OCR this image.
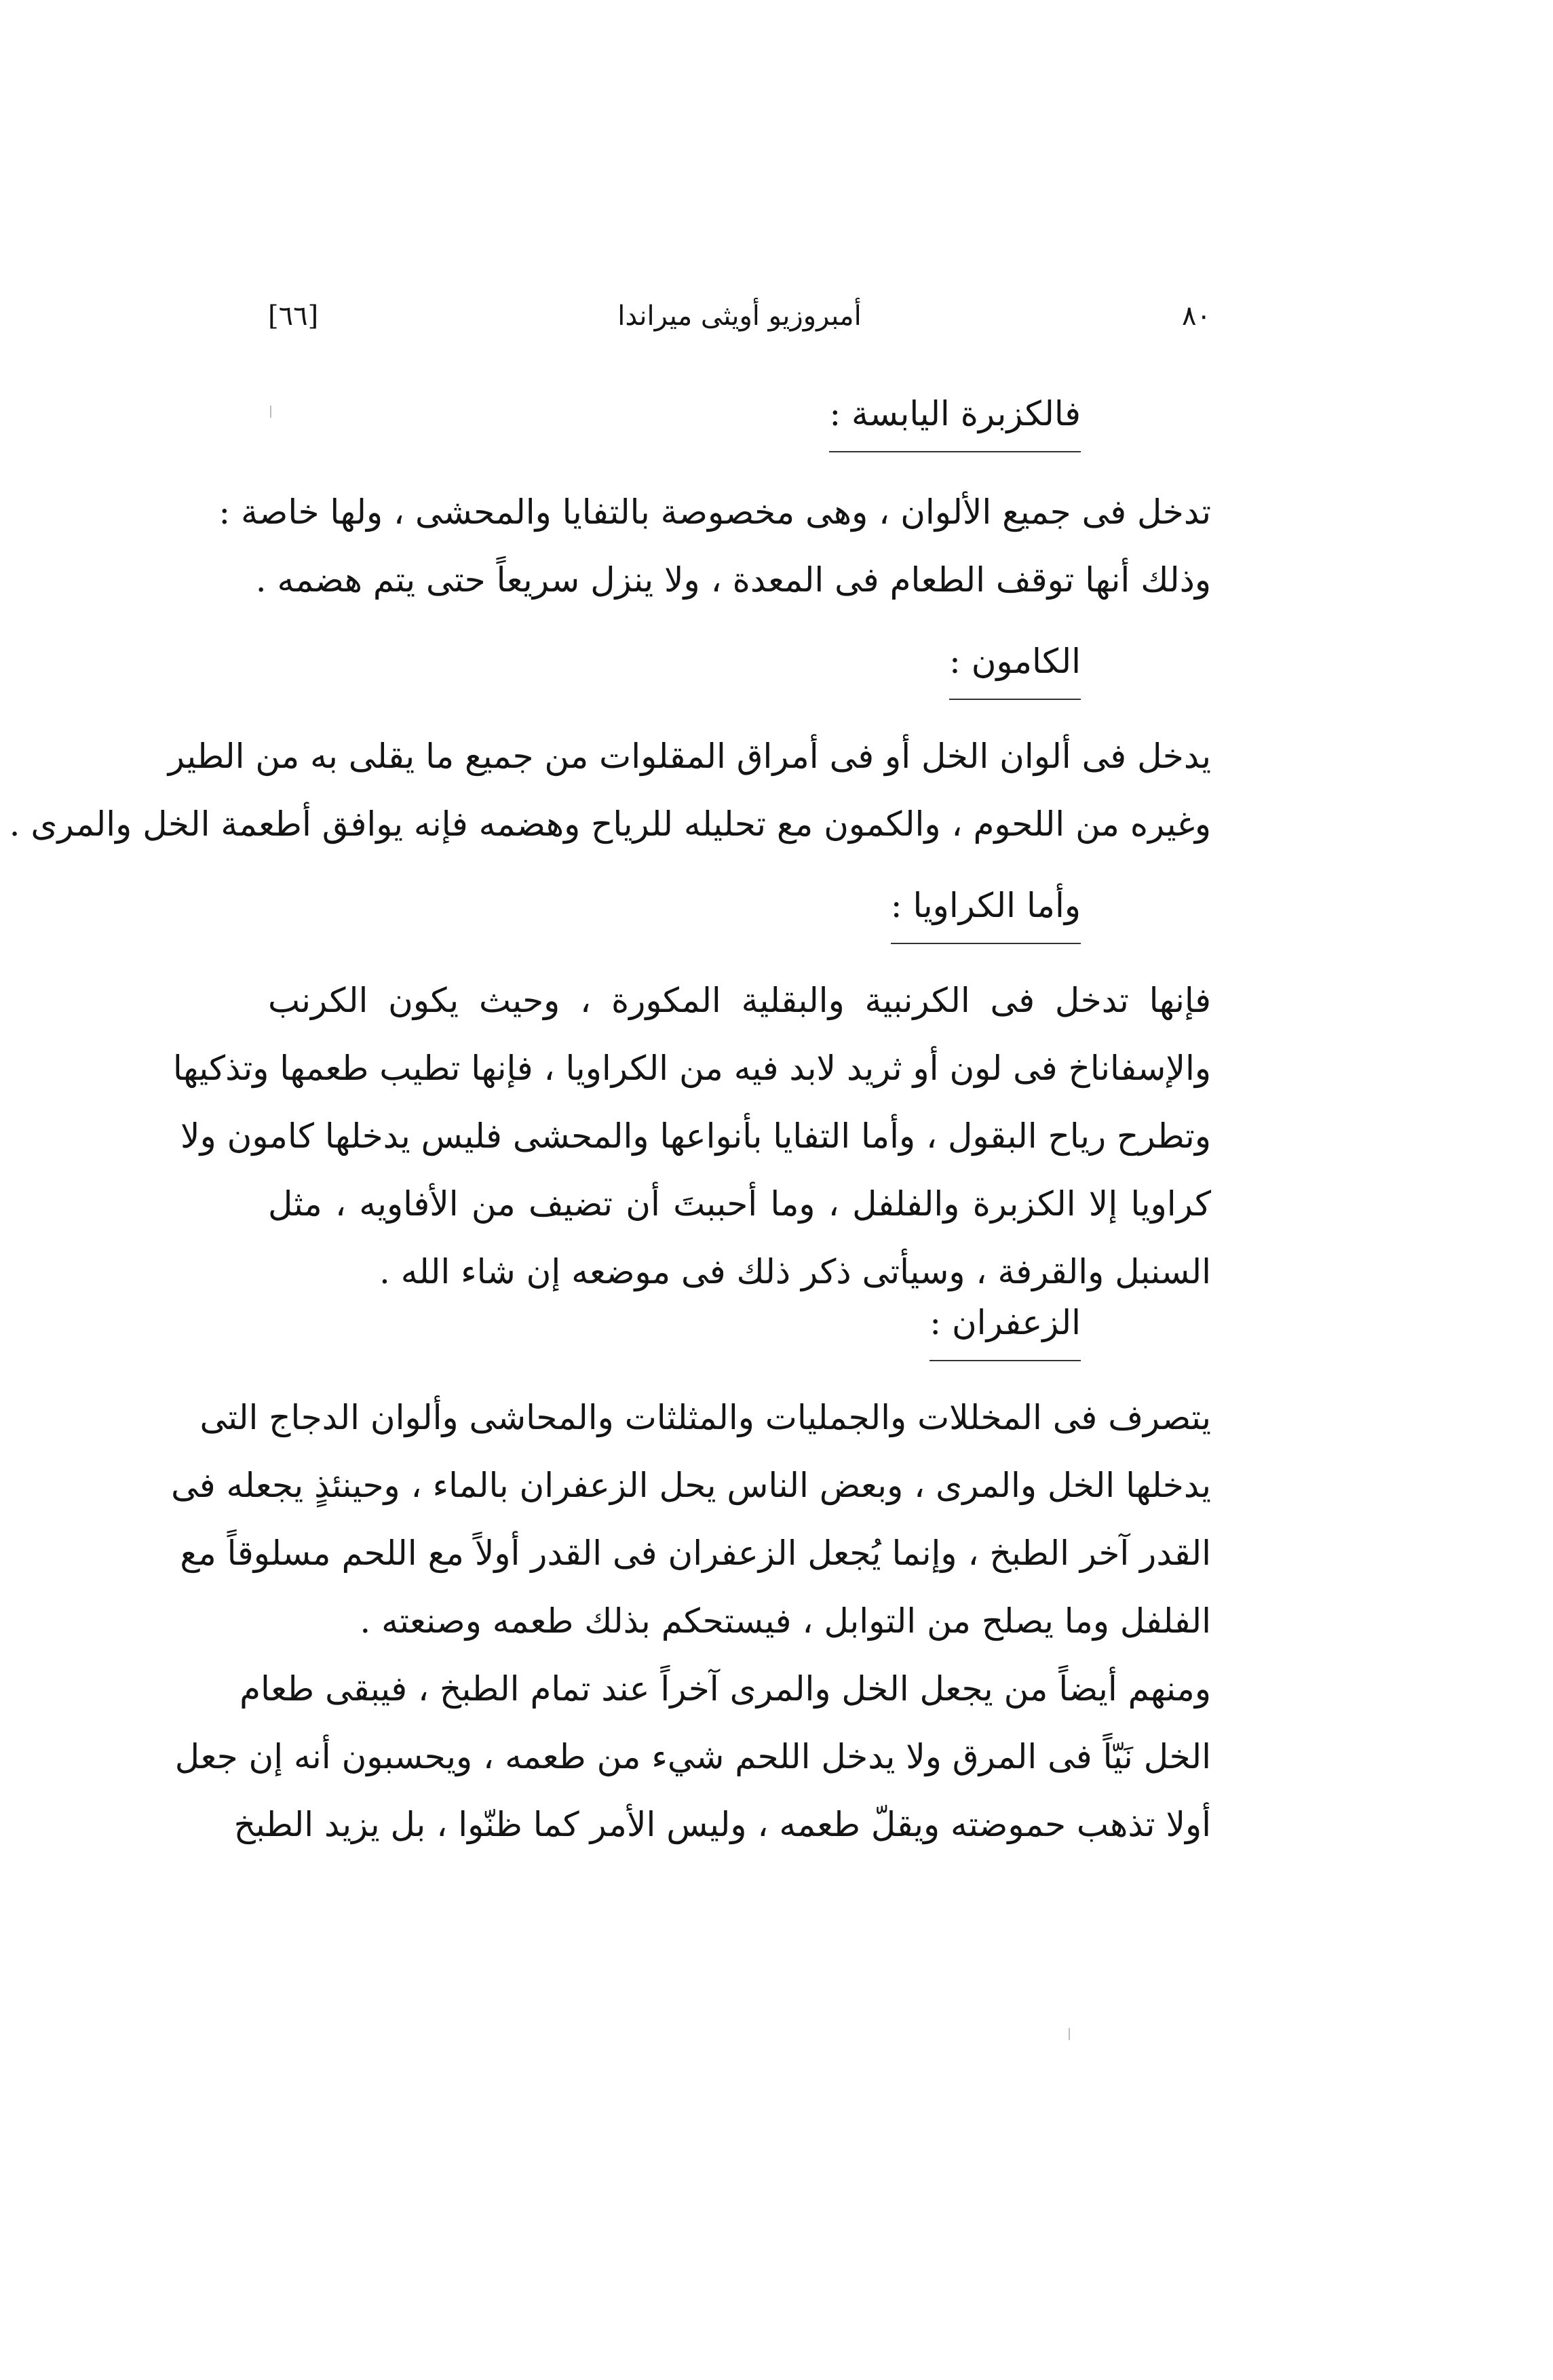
[٦٦]	أمبروزيو أويثى ميراندا	٨٠
فالكزبرة اليابسة :
تدخل فى جميع الألوان ، وهى مخصوصة بالتفايا والمحشى ، ولها خاصة :
وذلك أنها توقف الطعام فى المعدة ، ولا ينزل سريعاً حتى يتم هضمه .
الكامون :
يدخل فى ألوان الخل أو فى أمراق المقلوات من جميع ما يقلى به من الطير
وغيره من اللحوم ، والكمون مع تحليله للرياح وهضمه فإنه يوافق أطعمة الخل والمرى .
وأما الكراويا :
فإنها تدخل فى الكرنبية والبقلية المكورة ، وحيث يكون الكرنب
والإسفاناخ فى لون أو ثريد لابد فيه من الكراويا ، فإنها تطيب طعمها وتذكيها
وتطرح رياح البقول ، وأما التفايا بأنواعها والمحشى فليس يدخلها كامون ولا
كراويا إلا الكزبرة والفلفل ، وما أحببتَ أن تضيف من الأفاويه ، مثل
السنبل والقرفة ، وسيأتى ذكر ذلك فى موضعه إن شاء الله .
الزعفران :
يتصرف فى المخللات والجمليات والمثلثات والمحاشى وألوان الدجاج التى
يدخلها الخل والمرى ، وبعض الناس يحل الزعفران بالماء ، وحينئذٍ يجعله فى
القدر آخر الطبخ ، وإنما يُجعل الزعفران فى القدر أولاً مع اللحم مسلوقاً مع
الفلفل وما يصلح من التوابل ، فيستحكم بذلك طعمه وصنعته .
ومنهم أيضاً من يجعل الخل والمرى آخراً عند تمام الطبخ ، فيبقى طعام
الخل نَيّاً فى المرق ولا يدخل اللحم شيء من طعمه ، ويحسبون أنه إن جعل
أولا تذهب حموضته ويقلّ طعمه ، وليس الأمر كما ظنّوا ، بل يزيد الطبخ
